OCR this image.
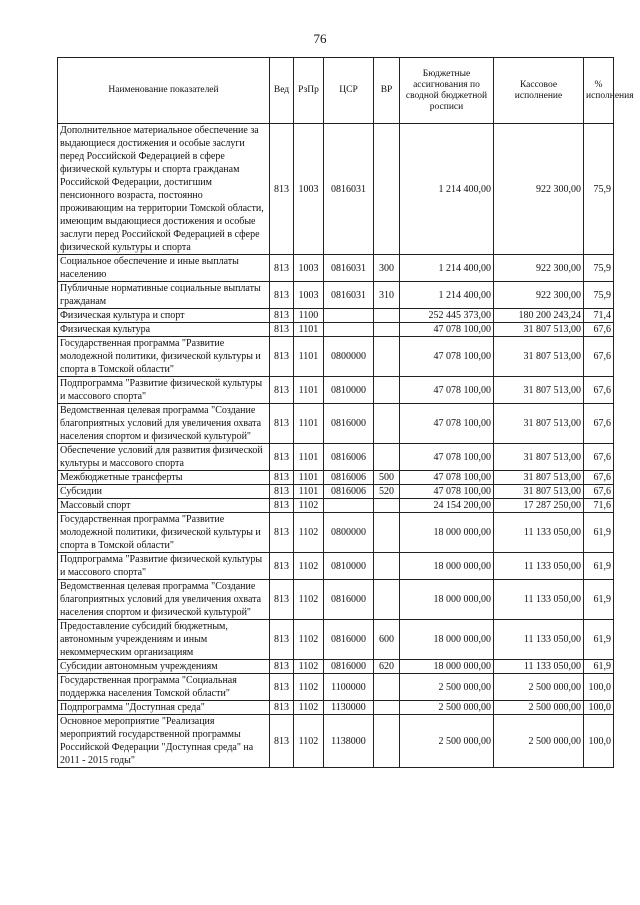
76
Наименование показателей	Вед	РзПр	ЦСР	ВР	Бюджетные ассигнования по сводной бюджетной росписи	Кассовое исполнение	% исполнения
Дополнительное материальное обеспечение за выдающиеся достижения и особые заслуги перед Российской Федерацией в сфере физической культуры и спорта гражданам Российской Федерации, достигшим пенсионного возраста, постоянно проживающим на территории Томской области, имеющим выдающиеся достижения и особые заслуги перед Российской Федерацией в сфере физической культуры и спорта	813	1003	0816031		1 214 400,00	922 300,00	75,9
Социальное обеспечение и иные выплаты населению	813	1003	0816031	300	1 214 400,00	922 300,00	75,9
Публичные нормативные социальные выплаты гражданам	813	1003	0816031	310	1 214 400,00	922 300,00	75,9
Физическая культура и спорт	813	1100			252 445 373,00	180 200 243,24	71,4
Физическая культура	813	1101			47 078 100,00	31 807 513,00	67,6
Государственная программа "Развитие молодежной политики, физической культуры и спорта в Томской области"	813	1101	0800000		47 078 100,00	31 807 513,00	67,6
Подпрограмма "Развитие физической культуры и массового спорта"	813	1101	0810000		47 078 100,00	31 807 513,00	67,6
Ведомственная целевая программа "Создание благоприятных условий для увеличения охвата населения спортом и физической культурой"	813	1101	0816000		47 078 100,00	31 807 513,00	67,6
Обеспечение условий для развития физической культуры и массового спорта	813	1101	0816006		47 078 100,00	31 807 513,00	67,6
Межбюджетные трансферты	813	1101	0816006	500	47 078 100,00	31 807 513,00	67,6
Субсидии	813	1101	0816006	520	47 078 100,00	31 807 513,00	67,6
Массовый спорт	813	1102			24 154 200,00	17 287 250,00	71,6
Государственная программа "Развитие молодежной политики, физической культуры и спорта в Томской области"	813	1102	0800000		18 000 000,00	11 133 050,00	61,9
Подпрограмма "Развитие физической культуры и массового спорта"	813	1102	0810000		18 000 000,00	11 133 050,00	61,9
Ведомственная целевая программа "Создание благоприятных условий для увеличения охвата населения спортом и физической культурой"	813	1102	0816000		18 000 000,00	11 133 050,00	61,9
Предоставление субсидий бюджетным, автономным учреждениям и иным некоммерческим организациям	813	1102	0816000	600	18 000 000,00	11 133 050,00	61,9
Субсидии автономным учреждениям	813	1102	0816000	620	18 000 000,00	11 133 050,00	61,9
Государственная программа "Социальная поддержка населения Томской области"	813	1102	1100000		2 500 000,00	2 500 000,00	100,0
Подпрограмма "Доступная среда"	813	1102	1130000		2 500 000,00	2 500 000,00	100,0
Основное мероприятие "Реализация мероприятий государственной программы Российской Федерации "Доступная среда" на 2011 - 2015 годы"	813	1102	1138000		2 500 000,00	2 500 000,00	100,0
